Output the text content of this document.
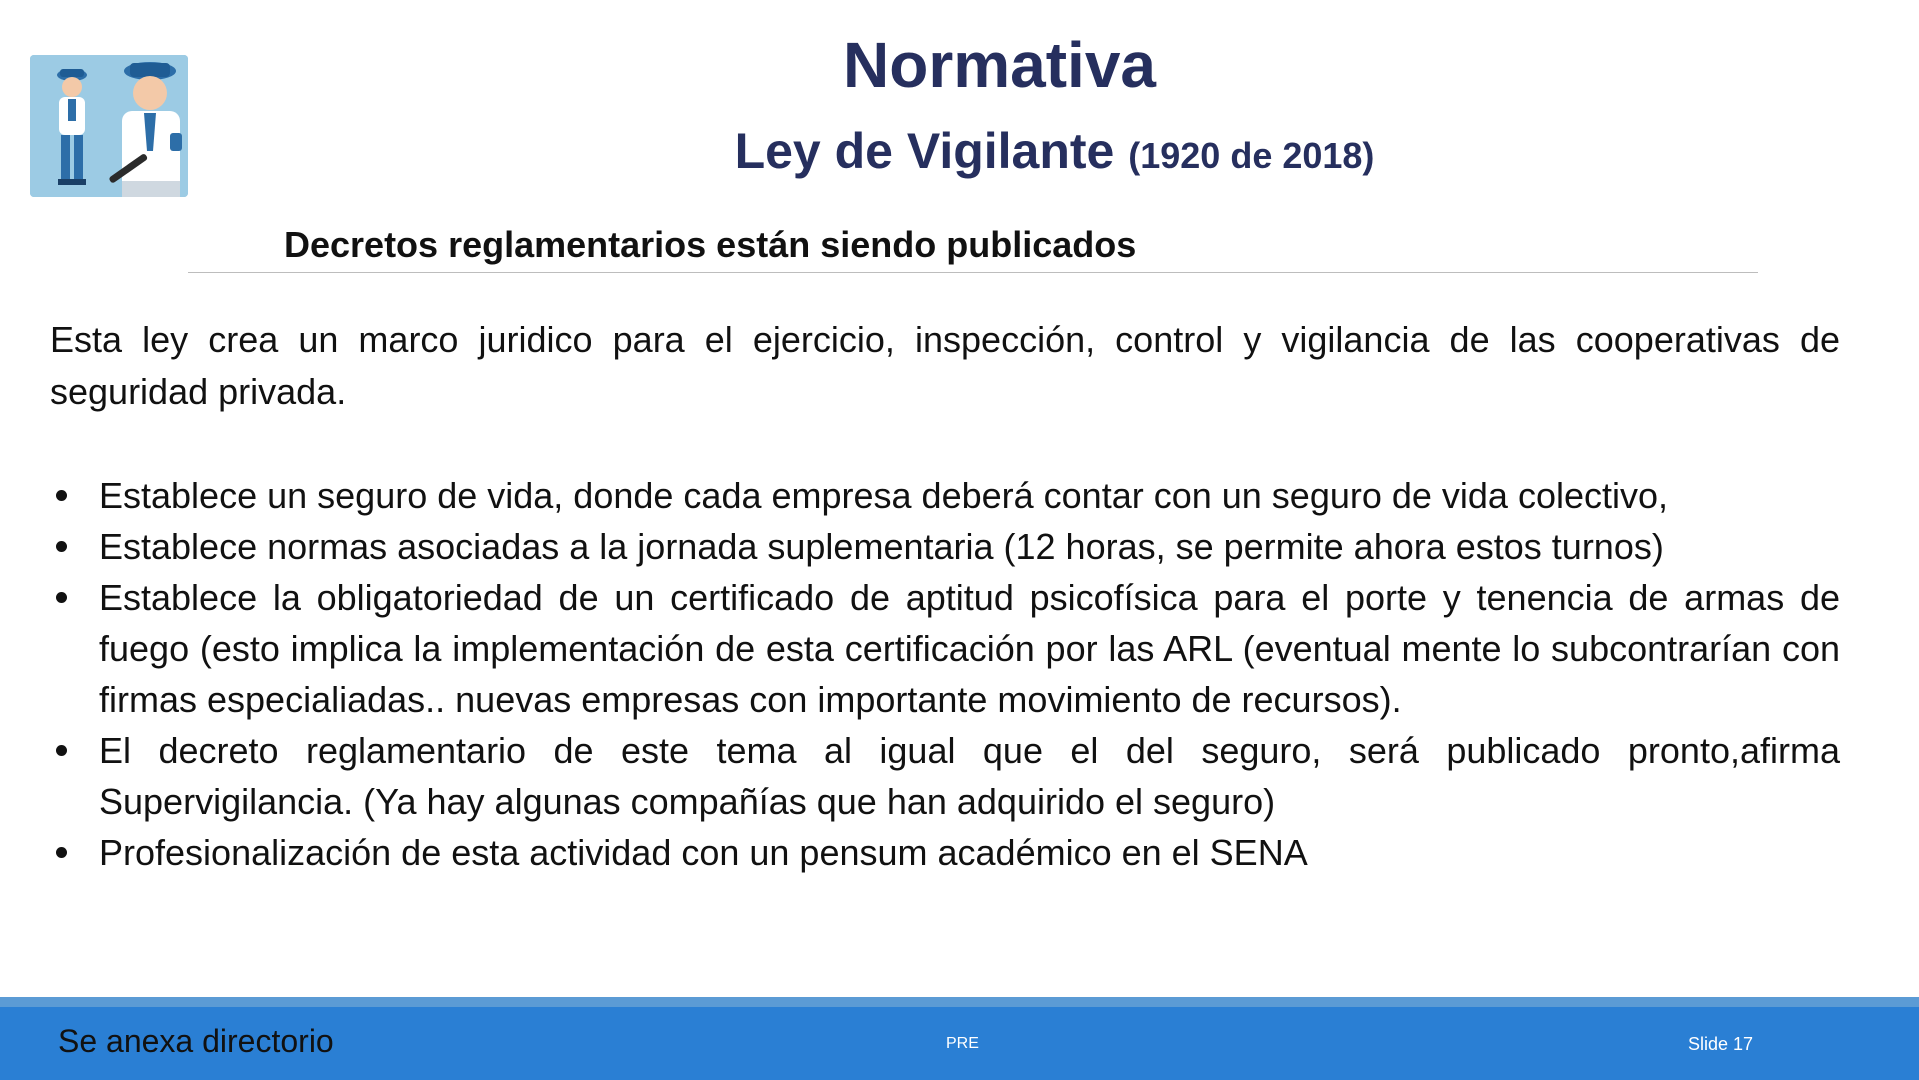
Normativa
Ley de Vigilante (1920 de 2018)
Decretos reglamentarios están siendo publicados

Esta ley crea un marco juridico para el ejercicio, inspección, control y vigilancia de las cooperativas de seguridad privada.

Establece un seguro de vida, donde cada empresa deberá contar con un seguro de vida colectivo,
Establece normas asociadas a la jornada suplementaria (12 horas, se permite ahora estos turnos)
Establece la obligatoriedad de un certificado de aptitud psicofísica para el porte y tenencia de armas de fuego (esto implica la implementación de esta certificación por las ARL (eventual mente lo subcontrarían con firmas especialiadas.. nuevas empresas con importante movimiento de recursos).
El decreto reglamentario de este tema al igual que el del seguro, será publicado pronto,afirma Supervigilancia. (Ya hay algunas compañías que han adquirido el seguro)
Profesionalización de esta actividad con un pensum académico en el SENA
Se anexa directorio	PRE	Slide 17
